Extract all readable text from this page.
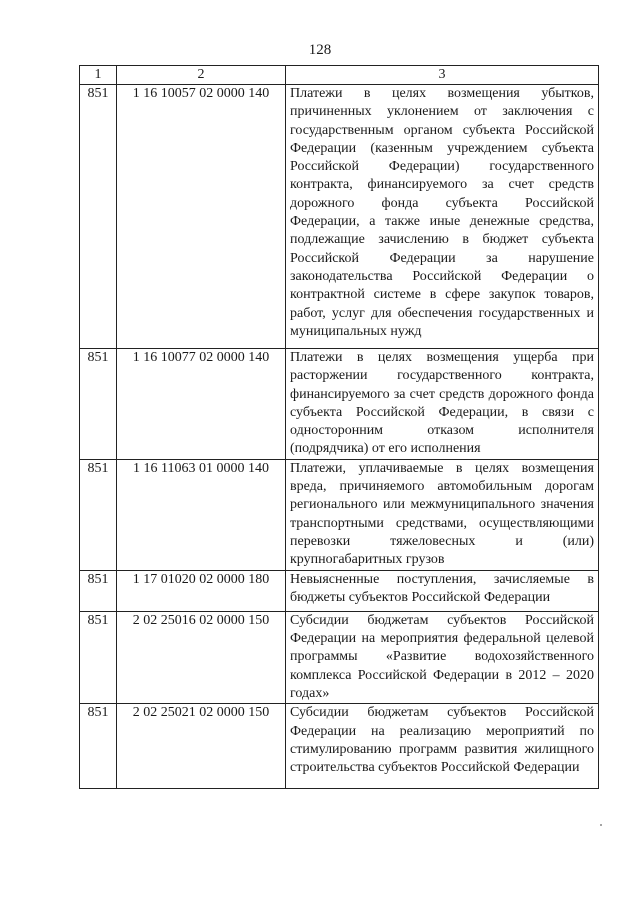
128
1	2	3
851	1 16 10057 02 0000 140	Платежи в целях возмещения убытков, причиненных уклонением от заключения с государственным органом субъекта Российской Федерации (казенным учреждением субъекта Российской Федерации) государственного контракта, финансируемого за счет средств дорожного фонда субъекта Российской Федерации, а также иные денежные средства, подлежащие зачислению в бюджет субъекта Российской Федерации за нарушение законодательства Российской Федерации о контрактной системе в сфере закупок товаров, работ, услуг для обеспечения государственных и муниципальных нужд
851	1 16 10077 02 0000 140	Платежи в целях возмещения ущерба при расторжении государственного контракта, финансируемого за счет средств дорожного фонда субъекта Российской Федерации, в связи с односторонним отказом исполнителя (подрядчика) от его исполнения
851	1 16 11063 01 0000 140	Платежи, уплачиваемые в целях возмещения вреда, причиняемого автомобильным дорогам регионального или межмуниципального значения транспортными средствами, осуществляющими перевозки тяжеловесных и (или) крупногабаритных грузов
851	1 17 01020 02 0000 180	Невыясненные поступления, зачисляемые в бюджеты субъектов Российской Федерации
851	2 02 25016 02 0000 150	Субсидии бюджетам субъектов Российской Федерации на мероприятия федеральной целевой программы «Развитие водохозяйственного комплекса Российской Федерации в 2012 – 2020 годах»
851	2 02 25021 02 0000 150	Субсидии бюджетам субъектов Российской Федерации на реализацию мероприятий по стимулированию программ развития жилищного строительства субъектов Российской Федерации
